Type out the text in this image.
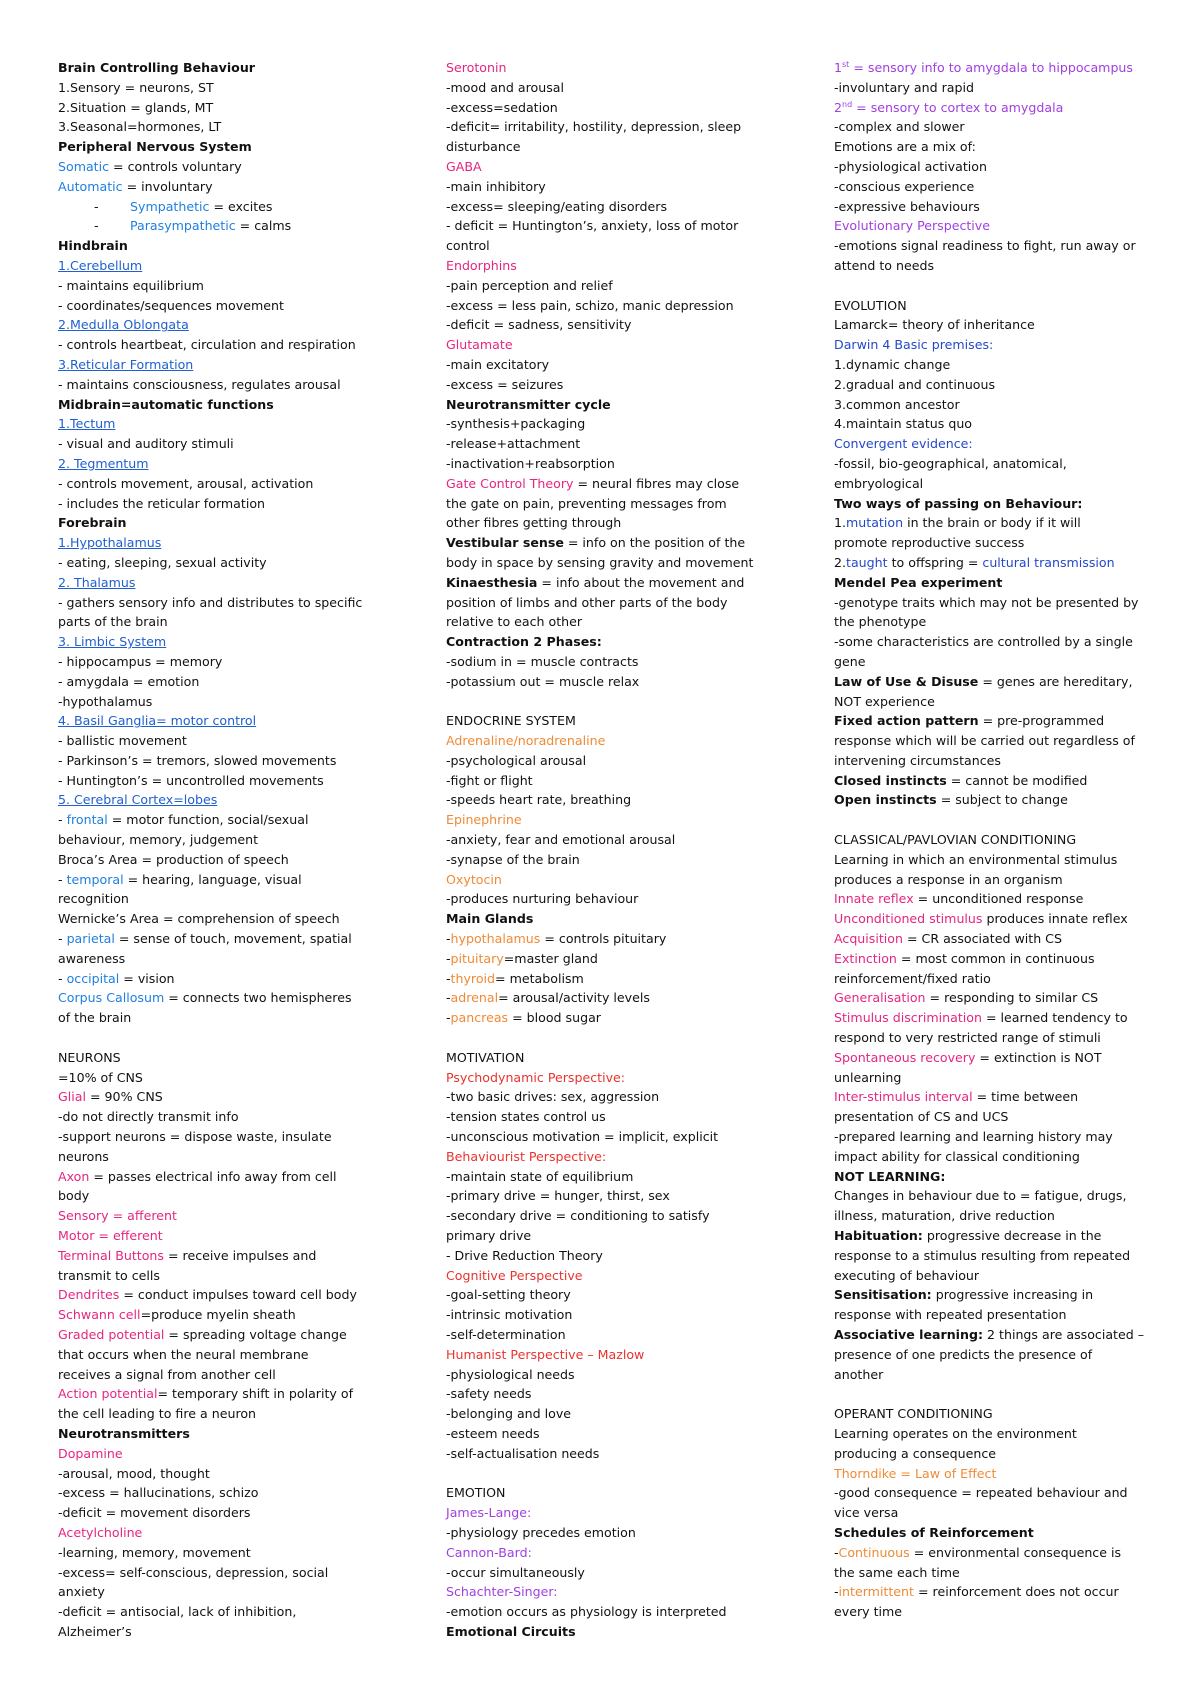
Brain Controlling Behaviour
1.Sensory = neurons, ST
2.Situation = glands, MT
3.Seasonal=hormones, LT
Peripheral Nervous System
Somatic = controls voluntary
Automatic = involuntary
- Sympathetic = excites
- Parasympathetic = calms
Hindbrain
1.Cerebellum
- maintains equilibrium
- coordinates/sequences movement
2.Medulla Oblongata
- controls heartbeat, circulation and respiration
3.Reticular Formation
- maintains consciousness, regulates arousal
Midbrain=automatic functions
1.Tectum
- visual and auditory stimuli
2. Tegmentum
- controls movement, arousal, activation
- includes the reticular formation
Forebrain
1.Hypothalamus
- eating, sleeping, sexual activity
2. Thalamus
- gathers sensory info and distributes to specific
parts of the brain
3. Limbic System
- hippocampus = memory
- amygdala = emotion
-hypothalamus
4. Basil Ganglia= motor control
- ballistic movement
- Parkinson’s = tremors, slowed movements
- Huntington’s = uncontrolled movements
5. Cerebral Cortex=lobes
- frontal = motor function, social/sexual
behaviour, memory, judgement
Broca’s Area = production of speech
- temporal = hearing, language, visual
recognition
Wernicke’s Area = comprehension of speech
- parietal = sense of touch, movement, spatial
awareness
- occipital = vision
Corpus Callosum = connects two hemispheres
of the brain
NEURONS
=10% of CNS
Glial = 90% CNS
-do not directly transmit info
-support neurons = dispose waste, insulate
neurons
Axon = passes electrical info away from cell
body
Sensory = afferent
Motor = efferent
Terminal Buttons = receive impulses and
transmit to cells
Dendrites = conduct impulses toward cell body
Schwann cell=produce myelin sheath
Graded potential = spreading voltage change
that occurs when the neural membrane
receives a signal from another cell
Action potential= temporary shift in polarity of
the cell leading to fire a neuron
Neurotransmitters
Dopamine
-arousal, mood, thought
-excess = hallucinations, schizo
-deficit = movement disorders
Acetylcholine
-learning, memory, movement
-excess= self-conscious, depression, social
anxiety
-deficit = antisocial, lack of inhibition,
Alzheimer’s
Serotonin
-mood and arousal
-excess=sedation
-deficit= irritability, hostility, depression, sleep
disturbance
GABA
-main inhibitory
-excess= sleeping/eating disorders
- deficit = Huntington’s, anxiety, loss of motor
control
Endorphins
-pain perception and relief
-excess = less pain, schizo, manic depression
-deficit = sadness, sensitivity
Glutamate
-main excitatory
-excess = seizures
Neurotransmitter cycle
-synthesis+packaging
-release+attachment
-inactivation+reabsorption
Gate Control Theory = neural fibres may close
the gate on pain, preventing messages from
other fibres getting through
Vestibular sense = info on the position of the
body in space by sensing gravity and movement
Kinaesthesia = info about the movement and
position of limbs and other parts of the body
relative to each other
Contraction 2 Phases:
-sodium in = muscle contracts
-potassium out = muscle relax
ENDOCRINE SYSTEM
Adrenaline/noradrenaline
-psychological arousal
-fight or flight
-speeds heart rate, breathing
Epinephrine
-anxiety, fear and emotional arousal
-synapse of the brain
Oxytocin
-produces nurturing behaviour
Main Glands
-hypothalamus = controls pituitary
-pituitary=master gland
-thyroid= metabolism
-adrenal= arousal/activity levels
-pancreas = blood sugar
MOTIVATION
Psychodynamic Perspective:
-two basic drives: sex, aggression
-tension states control us
-unconscious motivation = implicit, explicit
Behaviourist Perspective:
-maintain state of equilibrium
-primary drive = hunger, thirst, sex
-secondary drive = conditioning to satisfy
primary drive
- Drive Reduction Theory
Cognitive Perspective
-goal-setting theory
-intrinsic motivation
-self-determination
Humanist Perspective – Mazlow
-physiological needs
-safety needs
-belonging and love
-esteem needs
-self-actualisation needs
EMOTION
James-Lange:
-physiology precedes emotion
Cannon-Bard:
-occur simultaneously
Schachter-Singer:
-emotion occurs as physiology is interpreted
Emotional Circuits
1st = sensory info to amygdala to hippocampus
-involuntary and rapid
2nd = sensory to cortex to amygdala
-complex and slower
Emotions are a mix of:
-physiological activation
-conscious experience
-expressive behaviours
Evolutionary Perspective
-emotions signal readiness to fight, run away or
attend to needs
EVOLUTION
Lamarck= theory of inheritance
Darwin 4 Basic premises:
1.dynamic change
2.gradual and continuous
3.common ancestor
4.maintain status quo
Convergent evidence:
-fossil, bio-geographical, anatomical,
embryological
Two ways of passing on Behaviour:
1.mutation in the brain or body if it will
promote reproductive success
2.taught to offspring = cultural transmission
Mendel Pea experiment
-genotype traits which may not be presented by
the phenotype
-some characteristics are controlled by a single
gene
Law of Use & Disuse = genes are hereditary,
NOT experience
Fixed action pattern = pre-programmed
response which will be carried out regardless of
intervening circumstances
Closed instincts = cannot be modified
Open instincts = subject to change
CLASSICAL/PAVLOVIAN CONDITIONING
Learning in which an environmental stimulus
produces a response in an organism
Innate reflex = unconditioned response
Unconditioned stimulus produces innate reflex
Acquisition = CR associated with CS
Extinction = most common in continuous
reinforcement/fixed ratio
Generalisation = responding to similar CS
Stimulus discrimination = learned tendency to
respond to very restricted range of stimuli
Spontaneous recovery = extinction is NOT
unlearning
Inter-stimulus interval = time between
presentation of CS and UCS
-prepared learning and learning history may
impact ability for classical conditioning
NOT LEARNING:
Changes in behaviour due to = fatigue, drugs,
illness, maturation, drive reduction
Habituation: progressive decrease in the
response to a stimulus resulting from repeated
executing of behaviour
Sensitisation: progressive increasing in
response with repeated presentation
Associative learning: 2 things are associated –
presence of one predicts the presence of
another
OPERANT CONDITIONING
Learning operates on the environment
producing a consequence
Thorndike = Law of Effect
-good consequence = repeated behaviour and
vice versa
Schedules of Reinforcement
-Continuous = environmental consequence is
the same each time
-intermittent = reinforcement does not occur
every time
